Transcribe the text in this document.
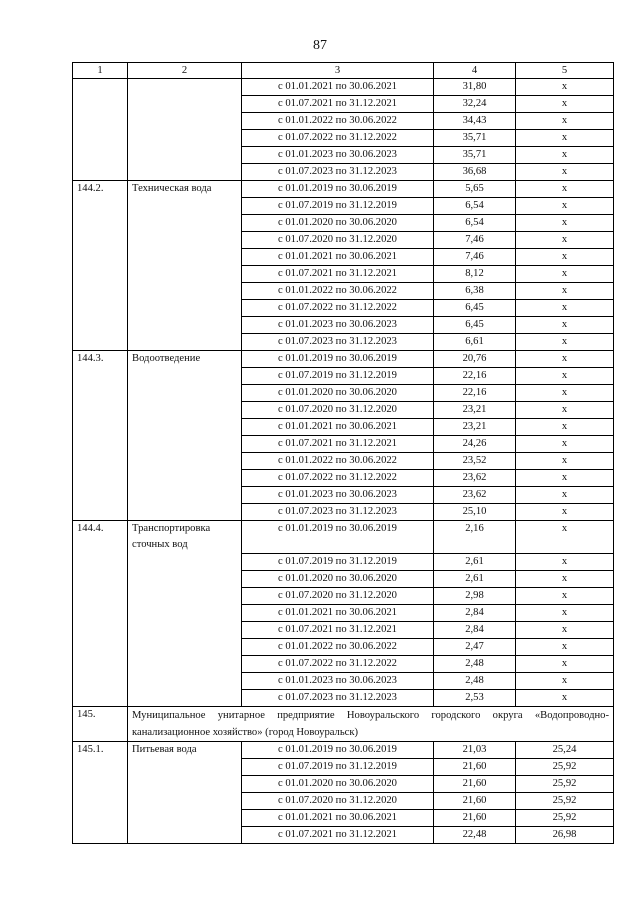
87
1	2	3	4	5
		с 01.01.2021 по 30.06.2021	31,80	х
		с 01.07.2021 по 31.12.2021	32,24	х
		с 01.01.2022 по 30.06.2022	34,43	х
		с 01.07.2022 по 31.12.2022	35,71	х
		с 01.01.2023 по 30.06.2023	35,71	х
		с 01.07.2023 по 31.12.2023	36,68	х
144.2.	Техническая вода	с 01.01.2019 по 30.06.2019	5,65	х
		с 01.07.2019 по 31.12.2019	6,54	х
		с 01.01.2020 по 30.06.2020	6,54	х
		с 01.07.2020 по 31.12.2020	7,46	х
		с 01.01.2021 по 30.06.2021	7,46	х
		с 01.07.2021 по 31.12.2021	8,12	х
		с 01.01.2022 по 30.06.2022	6,38	х
		с 01.07.2022 по 31.12.2022	6,45	х
		с 01.01.2023 по 30.06.2023	6,45	х
		с 01.07.2023 по 31.12.2023	6,61	х
144.3.	Водоотведение	с 01.01.2019 по 30.06.2019	20,76	х
		с 01.07.2019 по 31.12.2019	22,16	х
		с 01.01.2020 по 30.06.2020	22,16	х
		с 01.07.2020 по 31.12.2020	23,21	х
		с 01.01.2021 по 30.06.2021	23,21	х
		с 01.07.2021 по 31.12.2021	24,26	х
		с 01.01.2022 по 30.06.2022	23,52	х
		с 01.07.2022 по 31.12.2022	23,62	х
		с 01.01.2023 по 30.06.2023	23,62	х
		с 01.07.2023 по 31.12.2023	25,10	х
144.4.	Транспортировка сточных вод	с 01.01.2019 по 30.06.2019	2,16	х
		с 01.07.2019 по 31.12.2019	2,61	х
		с 01.01.2020 по 30.06.2020	2,61	х
		с 01.07.2020 по 31.12.2020	2,98	х
		с 01.01.2021 по 30.06.2021	2,84	х
		с 01.07.2021 по 31.12.2021	2,84	х
		с 01.01.2022 по 30.06.2022	2,47	х
		с 01.07.2022 по 31.12.2022	2,48	х
		с 01.01.2023 по 30.06.2023	2,48	х
		с 01.07.2023 по 31.12.2023	2,53	х
145.	Муниципальное унитарное предприятие Новоуральского городского округа «Водопроводно-канализационное хозяйство» (город Новоуральск)			
145.1.	Питьевая вода	с 01.01.2019 по 30.06.2019	21,03	25,24
		с 01.07.2019 по 31.12.2019	21,60	25,92
		с 01.01.2020 по 30.06.2020	21,60	25,92
		с 01.07.2020 по 31.12.2020	21,60	25,92
		с 01.01.2021 по 30.06.2021	21,60	25,92
		с 01.07.2021 по 31.12.2021	22,48	26,98
